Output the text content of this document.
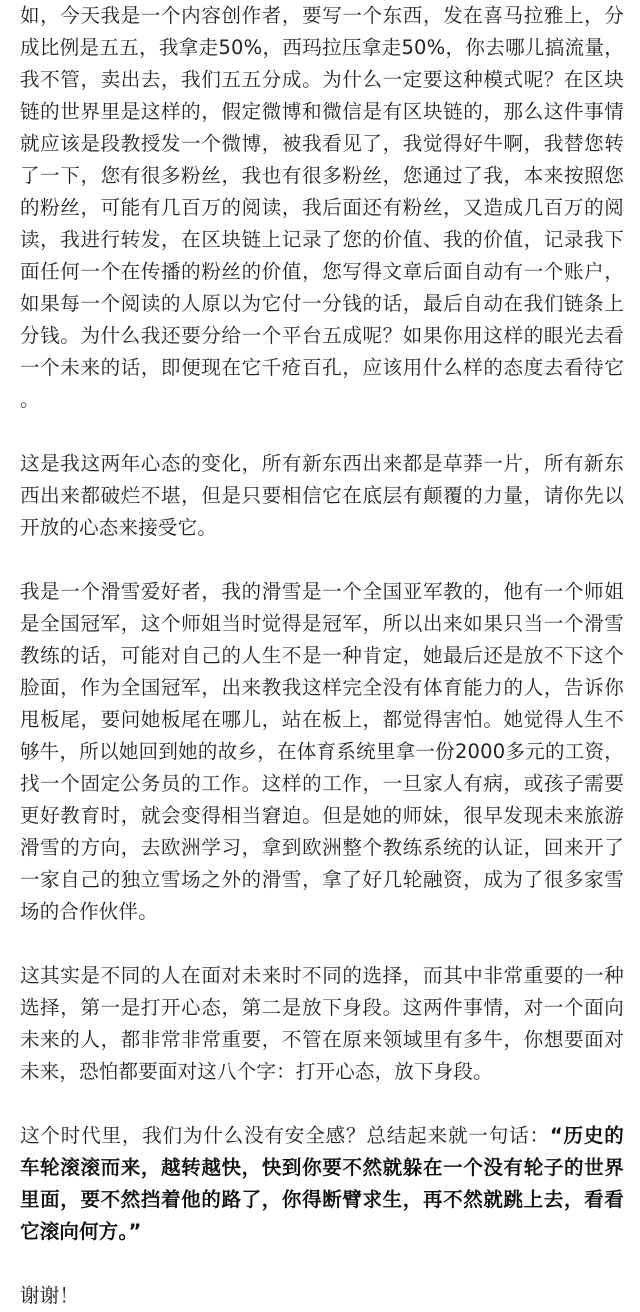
如，今天我是一个内容创作者，要写一个东西，发在喜马拉雅上，分成比例是五五，我拿走50%，西玛拉压拿走50%，你去哪儿搞流量，我不管，卖出去，我们五五分成。为什么一定要这种模式呢？在区块链的世界里是这样的，假定微博和微信是有区块链的，那么这件事情就应该是段教授发一个微博，被我看见了，我觉得好牛啊，我替您转了一下，您有很多粉丝，我也有很多粉丝，您通过了我，本来按照您的粉丝，可能有几百万的阅读，我后面还有粉丝，又造成几百万的阅读，我进行转发，在区块链上记录了您的价值、我的价值，记录我下面任何一个在传播的粉丝的价值，您写得文章后面自动有一个账户，如果每一个阅读的人原以为它付一分钱的话，最后自动在我们链条上分钱。为什么我还要分给一个平台五成呢？如果你用这样的眼光去看一个未来的话，即便现在它千疮百孔，应该用什么样的态度去看待它。

这是我这两年心态的变化，所有新东西出来都是草莽一片，所有新东西出来都破烂不堪，但是只要相信它在底层有颠覆的力量，请你先以开放的心态来接受它。

我是一个滑雪爱好者，我的滑雪是一个全国亚军教的，他有一个师姐是全国冠军，这个师姐当时觉得是冠军，所以出来如果只当一个滑雪教练的话，可能对自己的人生不是一种肯定，她最后还是放不下这个脸面，作为全国冠军，出来教我这样完全没有体育能力的人，告诉你甩板尾，要问她板尾在哪儿，站在板上，都觉得害怕。她觉得人生不够牛，所以她回到她的故乡，在体育系统里拿一份2000多元的工资，找一个固定公务员的工作。这样的工作，一旦家人有病，或孩子需要更好教育时，就会变得相当窘迫。但是她的师妹，很早发现未来旅游滑雪的方向，去欧洲学习，拿到欧洲整个教练系统的认证，回来开了一家自己的独立雪场之外的滑雪，拿了好几轮融资，成为了很多家雪场的合作伙伴。

这其实是不同的人在面对未来时不同的选择，而其中非常重要的一种选择，第一是打开心态，第二是放下身段。这两件事情，对一个面向未来的人，都非常非常重要，不管在原来领域里有多牛，你想要面对未来，恐怕都要面对这八个字：打开心态，放下身段。

这个时代里，我们为什么没有安全感？总结起来就一句话：“历史的车轮滚滚而来，越转越快，快到你要不然就躲在一个没有轮子的世界里面，要不然挡着他的路了，你得断臂求生，再不然就跳上去，看看它滚向何方。”

谢谢！
